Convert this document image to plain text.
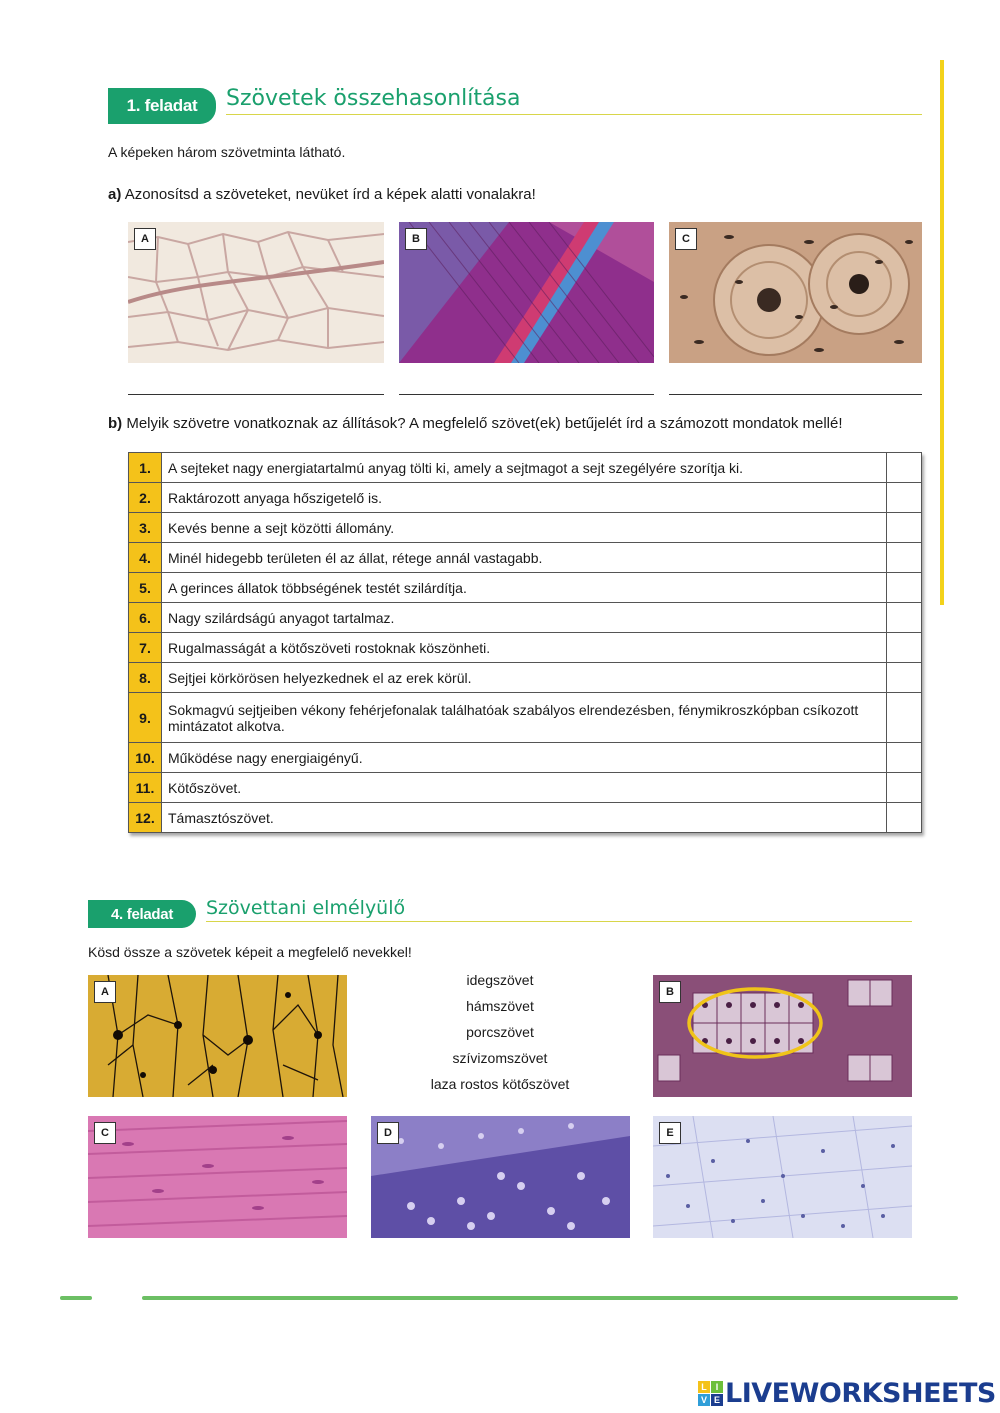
1. feladat	Szövetek összehasonlítása
A képeken három szövetminta látható.
a) Azonosítsd a szöveteket, nevüket írd a képek alatti vonalakra!
A	B	C
b) Melyik szövetre vonatkoznak az állítások? A megfelelő szövet(ek) betűjelét írd a számozott mondatok mellé!
1.	A sejteket nagy energiatartalmú anyag tölti ki, amely a sejtmagot a sejt szegélyére szorítja ki.	
2.	Raktározott anyaga hőszigetelő is.	
3.	Kevés benne a sejt közötti állomány.	
4.	Minél hidegebb területen él az állat, rétege annál vastagabb.	
5.	A gerinces állatok többségének testét szilárdítja.	
6.	Nagy szilárdságú anyagot tartalmaz.	
7.	Rugalmasságát a kötőszöveti rostoknak köszönheti.	
8.	Sejtjei körkörösen helyezkednek el az erek körül.	
9.	Sokmagvú sejtjeiben vékony fehérjefonalak találhatóak szabályos elrendezésben, fénymikroszkópban csíkozott mintázatot alkotva.	
10.	Működése nagy energiaigényű.	
11.	Kötőszövet.	
12.	Támasztószövet.	
4. feladat	Szövettani elmélyülő
Kösd össze a szövetek képeit a megfelelő nevekkel!
A
idegszövet
hámszövet
porcszövet
szívizomszövet
laza rostos kötőszövet
B
C	D	E
L I
V E LIVEWORKSHEETS
